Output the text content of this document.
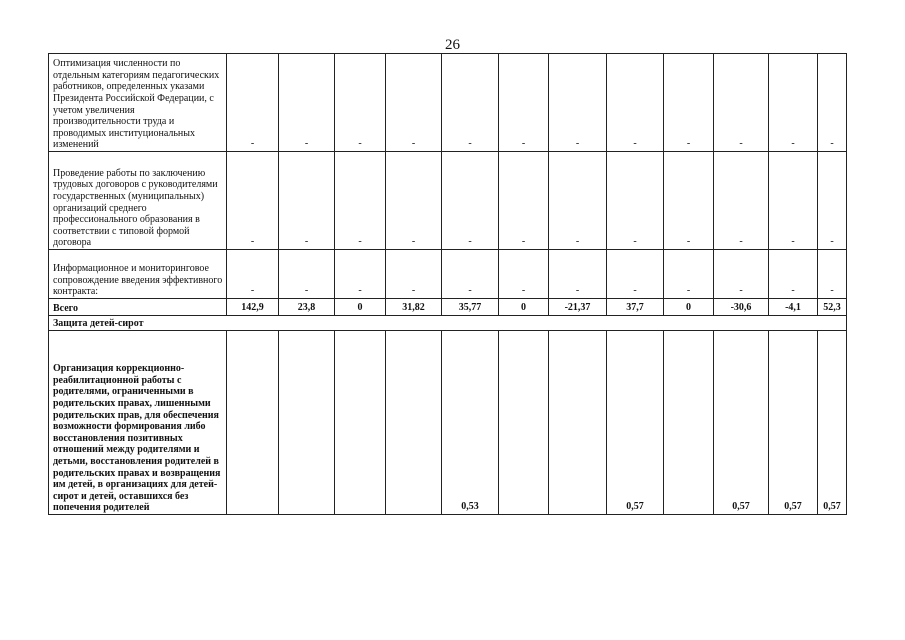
26
Оптимизация численности по отдельным категориям педагогических работников, определенных указами Президента Российской Федерации, с учетом увеличения производительности труда и проводимых институциональных изменений	-	-	-	-	-	-	-	-	-	-	-	-
Проведение работы по заключению трудовых договоров с руководителями государственных (муниципальных) организаций среднего профессионального образования в соответствии с типовой формой договора	-	-	-	-	-	-	-	-	-	-	-	-
Информационное и мониторинговое сопровождение введения эффективного контракта:	-	-	-	-	-	-	-	-	-	-	-	-
Всего	142,9	23,8	0	31,82	35,77	0	-21,37	37,7	0	-30,6	-4,1	52,3
Защита детей-сирот												
Организация коррекционно-реабилитационной работы с родителями, ограниченными в родительских правах, лишенными родительских прав, для обеспечения возможности формирования либо восстановления позитивных отношений между родителями и детьми, восстановления родителей в родительских правах и возвращения им детей, в организациях для детей-сирот и детей, оставшихся без попечения родителей					0,53			0,57		0,57	0,57	0,57
